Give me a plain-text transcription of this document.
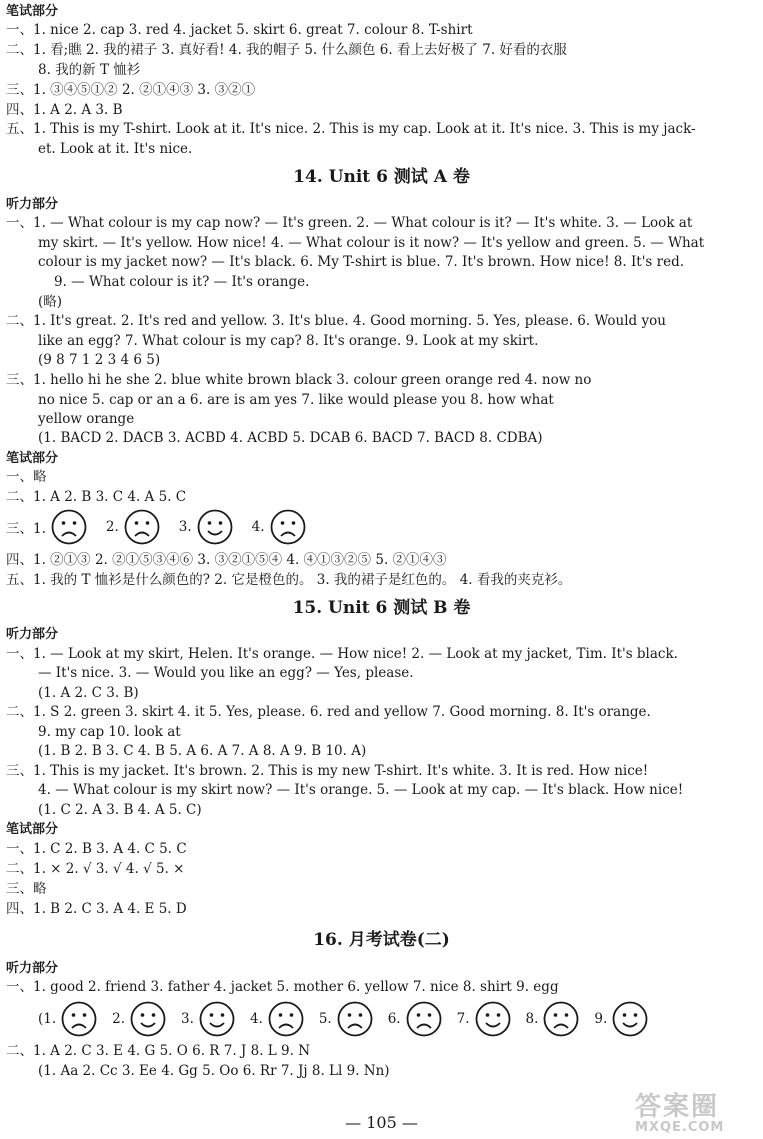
笔试部分
一、1. nice 2. cap 3. red 4. jacket 5. skirt 6. great 7. colour 8. T-shirt
二、1. 看;瞧 2. 我的裙子 3. 真好看! 4. 我的帽子 5. 什么颜色 6. 看上去好极了 7. 好看的衣服
8. 我的新 T 恤衫
三、1. ③④⑤①② 2. ②①④③ 3. ③②①
四、1. A 2. A 3. B
五、1. This is my T-shirt. Look at it. It's nice. 2. This is my cap. Look at it. It's nice. 3. This is my jack-
et. Look at it. It's nice.
14. Unit 6 测试 A 卷
听力部分
一、1. — What colour is my cap now? — It's green. 2. — What colour is it? — It's white. 3. — Look at
my skirt. — It's yellow. How nice! 4. — What colour is it now? — It's yellow and green. 5. — What
colour is my jacket now? — It's black. 6. My T-shirt is blue. 7. It's brown. How nice! 8. It's red.
9. — What colour is it? — It's orange.
(略)
二、1. It's great. 2. It's red and yellow. 3. It's blue. 4. Good morning. 5. Yes, please. 6. Would you
like an egg? 7. What colour is my cap? 8. It's orange. 9. Look at my skirt.
(9 8 7 1 2 3 4 6 5)
三、1. hello hi he she 2. blue white brown black 3. colour green orange red 4. now no
no nice 5. cap or an a 6. are is am yes 7. like would please you 8. how what
yellow orange
(1. BACD 2. DACB 3. ACBD 4. ACBD 5. DCAB 6. BACD 7. BACD 8. CDBA)
笔试部分
一、略
二、1. A 2. B 3. C 4. A 5. C
三、1.	2.	3.	4.
四、1. ②①③ 2. ②①⑤③④⑥ 3. ③②①⑤④ 4. ④①③②⑤ 5. ②①④③
五、1. 我的 T 恤衫是什么颜色的? 2. 它是橙色的。 3. 我的裙子是红色的。 4. 看我的夹克衫。
15. Unit 6 测试 B 卷
听力部分
一、1. — Look at my skirt, Helen. It's orange. — How nice! 2. — Look at my jacket, Tim. It's black.
— It's nice. 3. — Would you like an egg? — Yes, please.
(1. A 2. C 3. B)
二、1. S 2. green 3. skirt 4. it 5. Yes, please. 6. red and yellow 7. Good morning. 8. It's orange.
9. my cap 10. look at
(1. B 2. B 3. C 4. B 5. A 6. A 7. A 8. A 9. B 10. A)
三、1. This is my jacket. It's brown. 2. This is my new T-shirt. It's white. 3. It is red. How nice!
4. — What colour is my skirt now? — It's orange. 5. — Look at my cap. — It's black. How nice!
(1. C 2. A 3. B 4. A 5. C)
笔试部分
一、1. C 2. B 3. A 4. C 5. C
二、1. × 2. √ 3. √ 4. √ 5. ×
三、略
四、1. B 2. C 3. A 4. E 5. D
16. 月考试卷(二)
听力部分
一、1. good 2. friend 3. father 4. jacket 5. mother 6. yellow 7. nice 8. shirt 9. egg
(1.	2.	3.	4.	5.	6.	7.	8.	9.
二、1. A 2. C 3. E 4. G 5. O 6. R 7. J 8. L 9. N
(1. Aa 2. Cc 3. Ee 4. Gg 5. Oo 6. Rr 7. Jj 8. Ll 9. Nn)
— 105 —
答案圈
MXQE.COM
